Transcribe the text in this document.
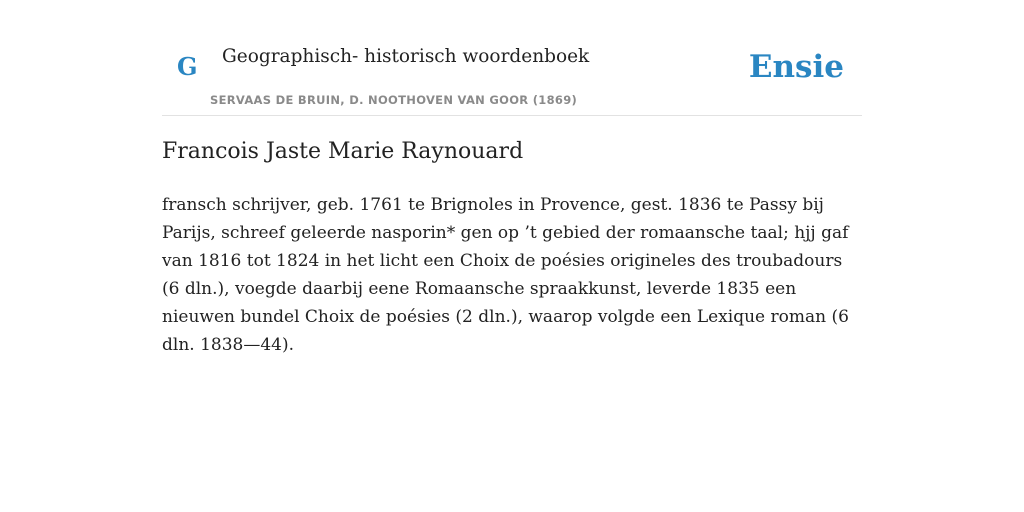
G Geographisch- historisch woordenboek
SERVAAS DE BRUIN, D. NOOTHOVEN VAN GOOR (1869)
Ensie
Francois Jaste Marie Raynouard

fransch schrijver, geb. 1761 te Brignoles in Provence, gest. 1836 te Passy bij Parijs, schreef geleerde nasporin* gen op ’t gebied der romaansche taal; hjj gaf van 1816 tot 1824 in het licht een Choix de poésies origineles des troubadours (6 dln.), voegde daarbij eene Romaansche spraakkunst, leverde 1835 een nieuwen bundel Choix de poésies (2 dln.), waarop volgde een Lexique roman (6 dln. 1838—44).
